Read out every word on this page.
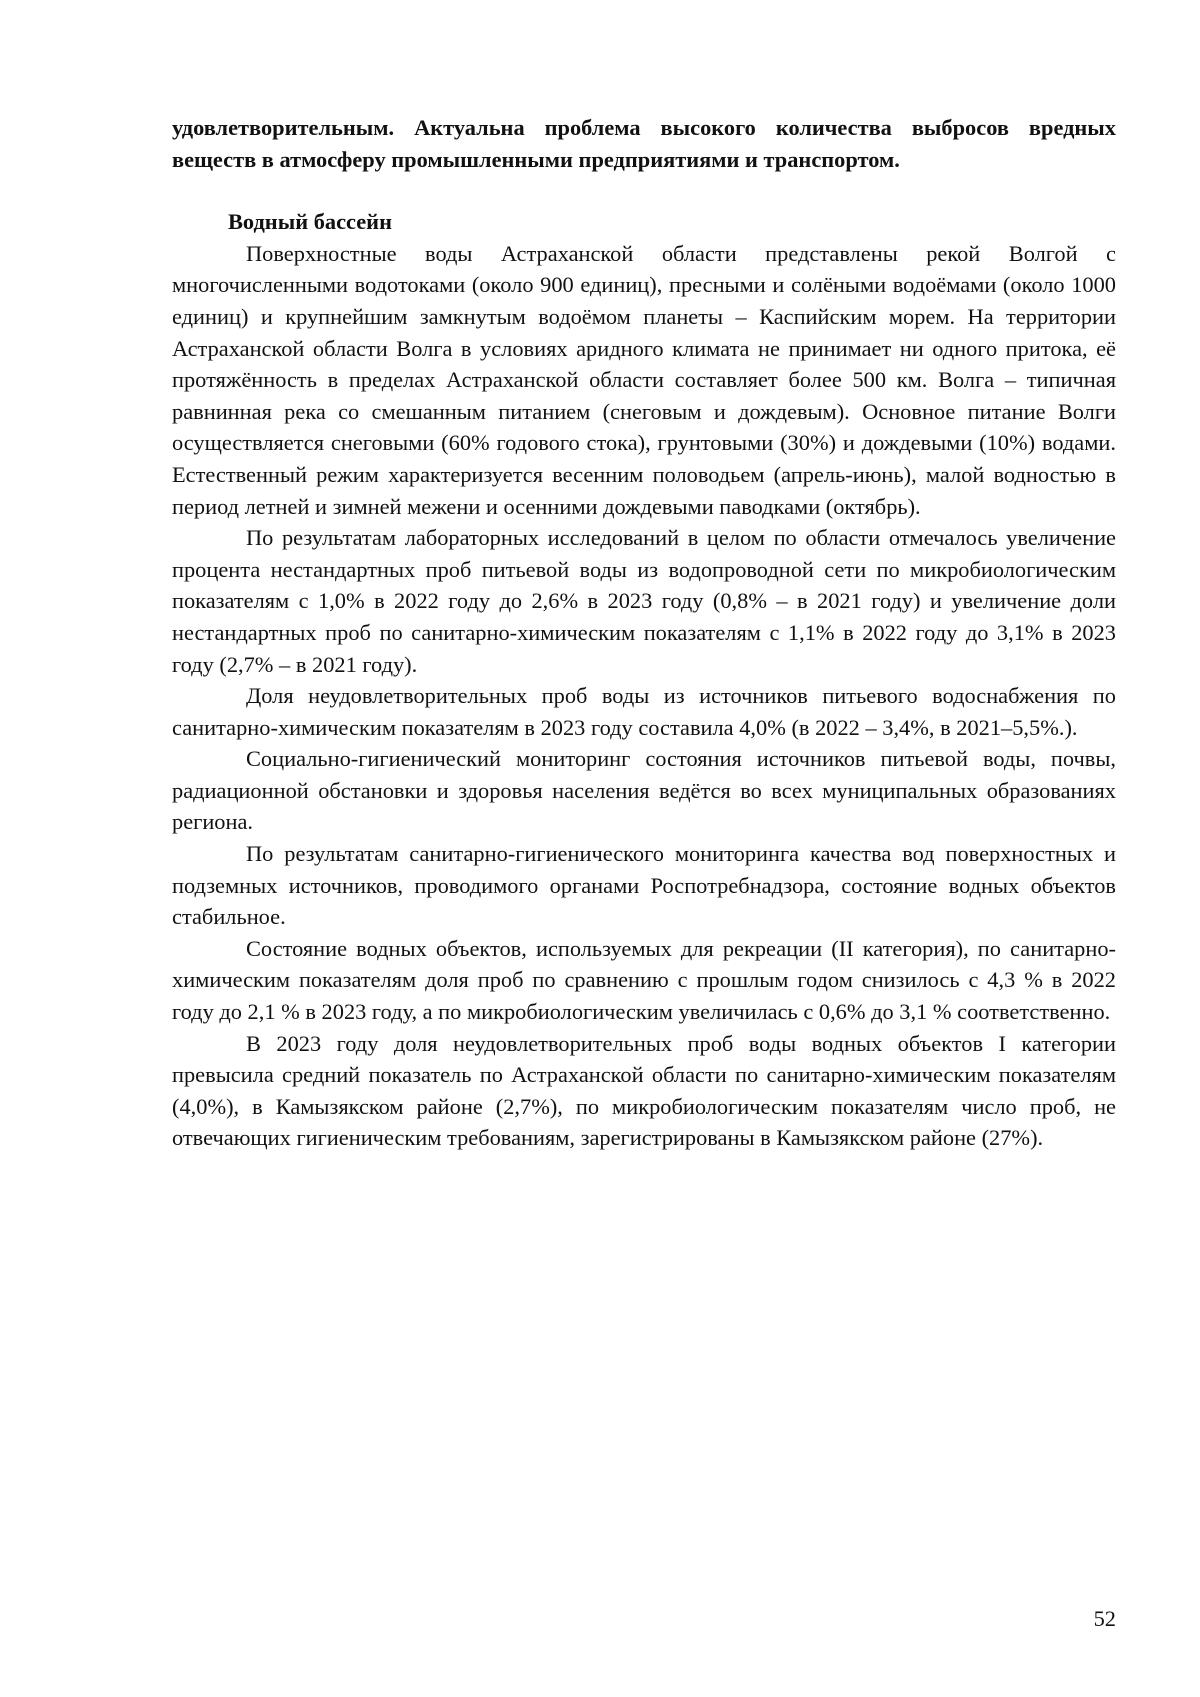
удовлетворительным. Актуальна проблема высокого количества выбросов вредных веществ в атмосферу промышленными предприятиями и транспортом.

Водный бассейн

Поверхностные воды Астраханской области представлены рекой Волгой с многочисленными водотоками (около 900 единиц), пресными и солёными водоёмами (около 1000 единиц) и крупнейшим замкнутым водоёмом планеты – Каспийским морем. На территории Астраханской области Волга в условиях аридного климата не принимает ни одного притока, её протяжённость в пределах Астраханской области составляет более 500 км. Волга – типичная равнинная река со смешанным питанием (снеговым и дождевым). Основное питание Волги осуществляется снеговыми (60% годового стока), грунтовыми (30%) и дождевыми (10%) водами. Естественный режим характеризуется весенним половодьем (апрель-июнь), малой водностью в период летней и зимней межени и осенними дождевыми паводками (октябрь).

По результатам лабораторных исследований в целом по области отмечалось увеличение процента нестандартных проб питьевой воды из водопроводной сети по микробиологическим показателям с 1,0% в 2022 году до 2,6% в 2023 году (0,8% – в 2021 году) и увеличение доли нестандартных проб по санитарно-химическим показателям с 1,1% в 2022 году до 3,1% в 2023 году (2,7% – в 2021 году).

Доля неудовлетворительных проб воды из источников питьевого водоснабжения по санитарно-химическим показателям в 2023 году составила 4,0% (в 2022 – 3,4%, в 2021–5,5%.).

Социально-гигиенический мониторинг состояния источников питьевой воды, почвы, радиационной обстановки и здоровья населения ведётся во всех муниципальных образованиях региона.

По результатам санитарно-гигиенического мониторинга качества вод поверхностных и подземных источников, проводимого органами Роспотребнадзора, состояние водных объектов стабильное.

Состояние водных объектов, используемых для рекреации (II категория), по санитарно-химическим показателям доля проб по сравнению с прошлым годом снизилось с 4,3 % в 2022 году до 2,1 % в 2023 году, а по микробиологическим увеличилась с 0,6% до 3,1 % соответственно.

В 2023 году доля неудовлетворительных проб воды водных объектов I категории превысила средний показатель по Астраханской области по санитарно-химическим показателям (4,0%), в Камызякском районе (2,7%), по микробиологическим показателям число проб, не отвечающих гигиеническим требованиям, зарегистрированы в Камызякском районе (27%).

52
